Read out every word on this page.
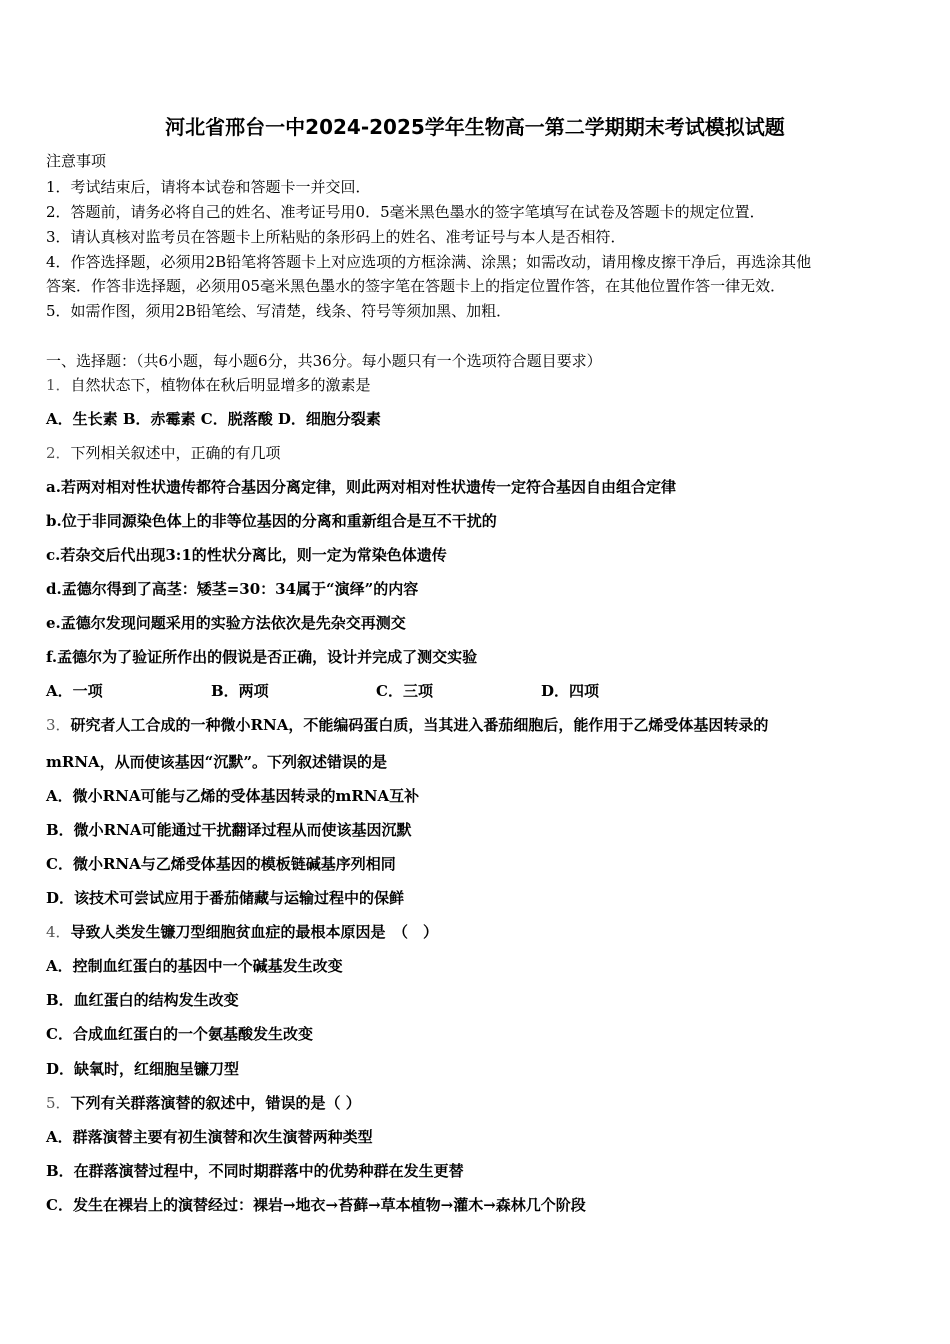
河北省邢台一中2024-2025学年生物高一第二学期期末考试模拟试题
注意事项
1．考试结束后，请将本试卷和答题卡一并交回．
2．答题前，请务必将自己的姓名、准考证号用0．5毫米黑色墨水的签字笔填写在试卷及答题卡的规定位置．
3．请认真核对监考员在答题卡上所粘贴的条形码上的姓名、准考证号与本人是否相符．
4．作答选择题，必须用2B铅笔将答题卡上对应选项的方框涂满、涂黑；如需改动，请用橡皮擦干净后，再选涂其他
答案．作答非选择题，必须用05毫米黑色墨水的签字笔在答题卡上的指定位置作答，在其他位置作答一律无效．
5．如需作图，须用2B铅笔绘、写清楚，线条、符号等须加黑、加粗．
一、选择题：（共6小题，每小题6分，共36分。每小题只有一个选项符合题目要求）
1．自然状态下，植物体在秋后明显增多的激素是
A．生长素 B．赤霉素 C．脱落酸 D．细胞分裂素
2．下列相关叙述中，正确的有几项
a.若两对相对性状遗传都符合基因分离定律，则此两对相对性状遗传一定符合基因自由组合定律
b.位于非同源染色体上的非等位基因的分离和重新组合是互不干扰的
c.若杂交后代出现3:1的性状分离比，则一定为常染色体遗传
d.孟德尔得到了高茎：矮茎=30：34属于“演绎”的内容
e.孟德尔发现问题采用的实验方法依次是先杂交再测交
f.孟德尔为了验证所作出的假说是否正确，设计并完成了测交实验
A．一项	B．两项	C．三项	D．四项
3．研究者人工合成的一种微小RNA，不能编码蛋白质，当其进入番茄细胞后，能作用于乙烯受体基因转录的
mRNA，从而使该基因“沉默”。下列叙述错误的是
A．微小RNA可能与乙烯的受体基因转录的mRNA互补
B．微小RNA可能通过干扰翻译过程从而使该基因沉默
C．微小RNA与乙烯受体基因的模板链碱基序列相同
D．该技术可尝试应用于番茄储藏与运输过程中的保鲜
4．导致人类发生镰刀型细胞贫血症的最根本原因是　（　）
A．控制血红蛋白的基因中一个碱基发生改变
B．血红蛋白的结构发生改变
C．合成血红蛋白的一个氨基酸发生改变
D．缺氧时，红细胞呈镰刀型
5．下列有关群落演替的叙述中，错误的是（ ）
A．群落演替主要有初生演替和次生演替两种类型
B．在群落演替过程中，不同时期群落中的优势种群在发生更替
C．发生在裸岩上的演替经过：裸岩→地衣→苔藓→草本植物→灌木→森林几个阶段
